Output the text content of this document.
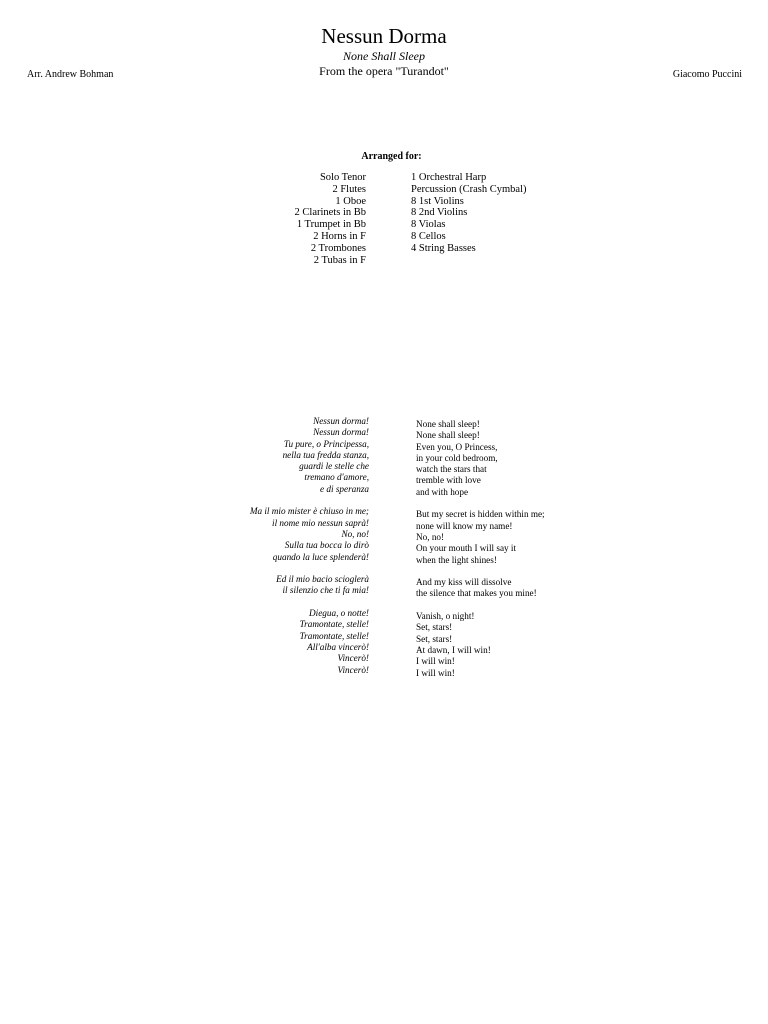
Nessun Dorma
None Shall Sleep
From the opera "Turandot"
Arr. Andrew Bohman	Giacomo Puccini
Arranged for:
Solo Tenor
2 Flutes
1 Oboe
2 Clarinets in Bb
1 Trumpet in Bb
2 Horns in F
2 Trombones
2 Tubas in F
1 Orchestral Harp
Percussion (Crash Cymbal)
8 1st Violins
8 2nd Violins
8 Violas
8 Cellos
4 String Basses
Nessun dorma!
Nessun dorma!
Tu pure, o Principessa,
nella tua fredda stanza,
guardi le stelle che
tremano d'amore,
e di speranza
Ma il mio mister è chiuso in me;
il nome mio nessun saprà!
No, no!
Sulla tua bocca lo dirò
quando la luce splenderà!
Ed il mio bacio scioglerà
il silenzio che ti fa mia!
Diegua, o notte!
Tramontate, stelle!
Tramontate, stelle!
All'alba vincerò!
Vincerò!
Vincerò!
None shall sleep!
None shall sleep!
Even you, O Princess,
in your cold bedroom,
watch the stars that
tremble with love
and with hope
But my secret is hidden within me;
none will know my name!
No, no!
On your mouth I will say it
when the light shines!
And my kiss will dissolve
the silence that makes you mine!
Vanish, o night!
Set, stars!
Set, stars!
At dawn, I will win!
I will win!
I will win!
